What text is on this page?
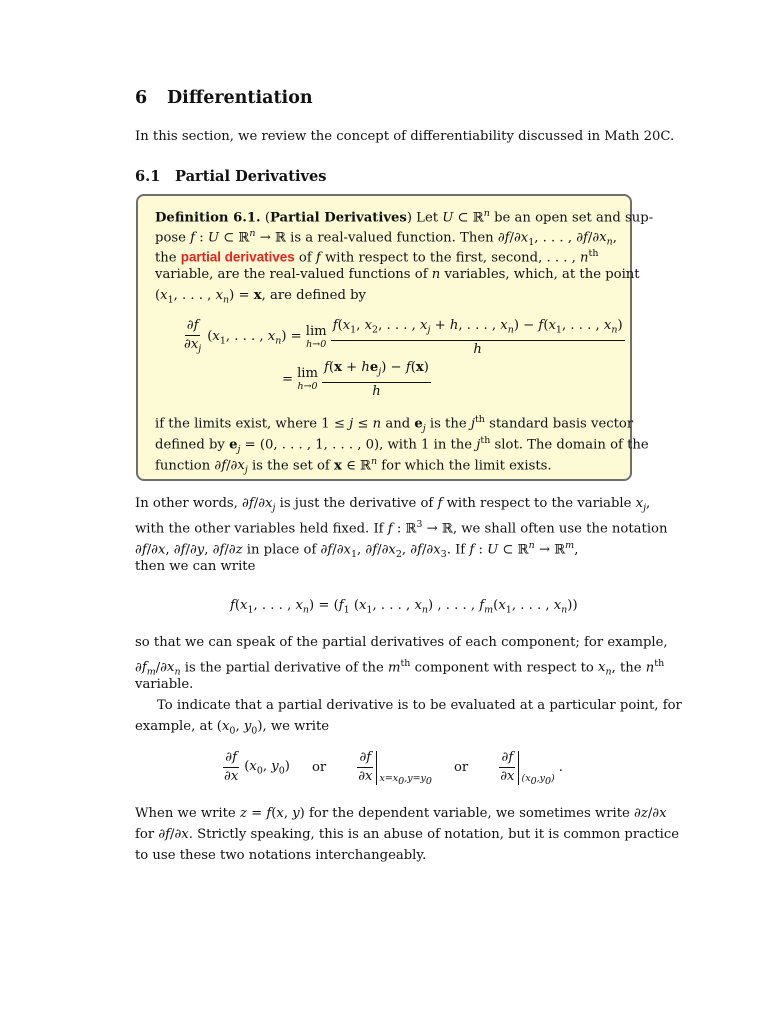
6 Differentiation

In this section, we review the concept of differentiability discussed in Math 20C.

6.1 Partial Derivatives

Definition 6.1. (Partial Derivatives) Let U ⊂ ℝ$^n$ be an open set and sup-

pose f : U ⊂ ℝ$^n$ → ℝ is a real-valued function. Then $\partial f/\partial x_1$, . . . , $\partial f/\partial x_n$,

the partial derivatives of f with respect to the first, second, . . . , $n^{th}$

variable, are the real-valued functions of n variables, which, at the point

($x_1$, . . . , $x_n) = x$, are defined by

$\frac{\partial f}{\partial x_j} (x_1$, . . . , $x_n) = \lim$
$h\to 0 \frac{f(x_1, x_2, . . . , x_j + h, . . . , x_n) - f(x_1, . . . , x_n)}{h}$
= lim
$h\to 0 \frac{f(x + he_j) - f(x)}{h}$

if the limits exist, where 1 ≤ j ≤ n and $e_j$ is the $j^{th}$ standard basis vector

defined by $e_j = (0$, . . . , 1, . . . , 0), with 1 in the $j^{th}$ slot. The domain of the

function $\partial f/\partial x_j$ is the set of x ∈ ℝ$^n$ for which the limit exists.

In other words, $\partial f/\partial x_j$ is just the derivative of f with respect to the variable $x_j$,

with the other variables held fixed. If f : ℝ$^3$ → ℝ, we shall often use the notation

∂f/∂x, ∂f/∂y, ∂f/∂z in place of $\partial f/\partial x_1$, $\partial f/\partial x_2$, $\partial f/\partial x_3$. If f : U ⊂ ℝ$^n$ → ℝ$^m$,

then we can write

$f(x_1$, . . . , $x_n) = (f_1$ ($x_1$, . . . , $x_n$) , . . . , $f_m(x_1$, . . . , $x_n$))

so that we can speak of the partial derivatives of each component; for example,

$\partial f_m/\partial x_n$ is the partial derivative of the $m^{th}$ component with respect to $x_n$, the $n^{th}$

variable.

To indicate that a partial derivative is to be evaluated at a particular point, for

example, at ($x_0$, $y_0$), we write

$\frac{\partial f}{\partial x} (x_0$, $y_0$) or $\frac{\partial f}{\partial x} x=x_0,y=y_0$
or $\frac{\partial f}{\partial x} (x_0,y_0)$
.

When we write z = f(x, y) for the dependent variable, we sometimes write ∂z/∂x

for ∂f/∂x. Strictly speaking, this is an abuse of notation, but it is common practice

to use these two notations interchangeably.
